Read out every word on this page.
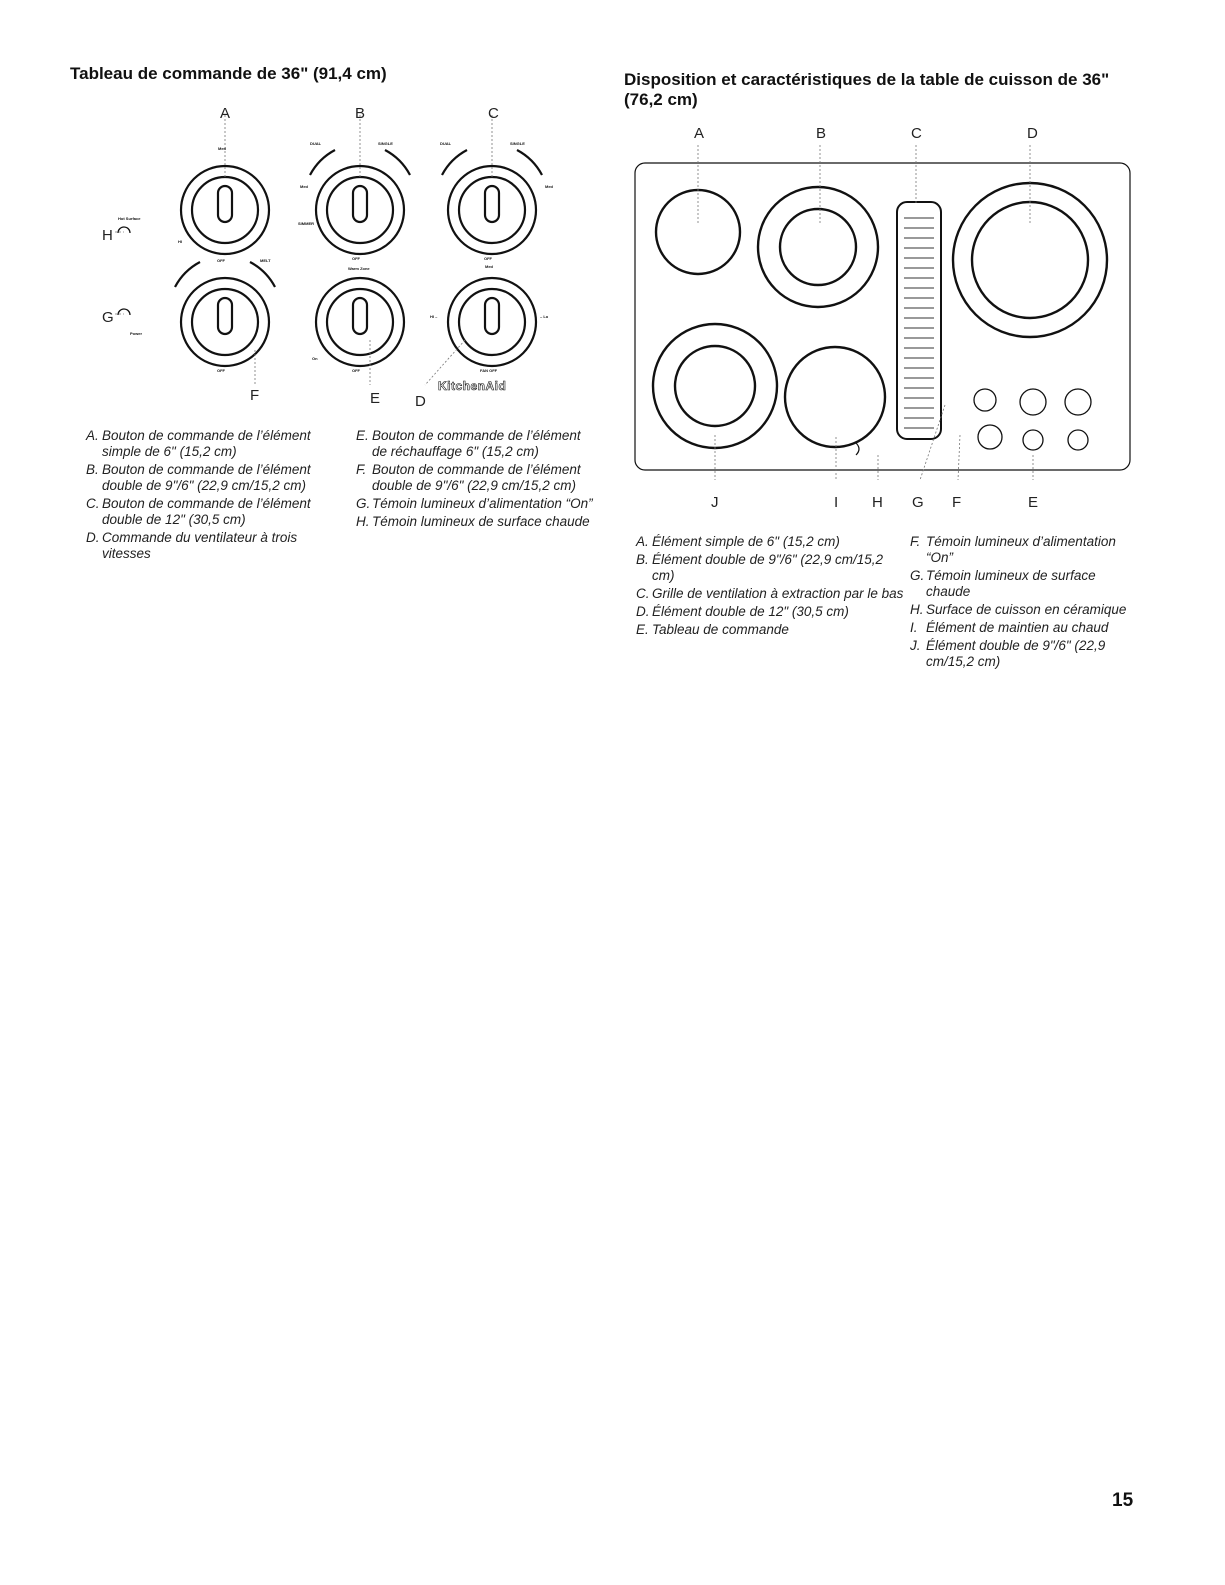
Tableau de commande de 36" (91,4 cm)	Disposition et caractéristiques de la table de cuisson de 36" (76,2 cm)
A	B	C
H
G
F	E D
KitchenAid
Med
HI
OFF	MELT
Hot Surface
DUAL	SINGLE
Med
SIMMER
OFF
DUAL	SINGLE
Med
OFF
Power
OFF
Warm Zone
On
OFF
Med
HI –	– Lo
FAN OFF
A	B	C	D
J	I H G F	E
A. Bouton de commande de l’élément simple de 6" (15,2 cm)
B. Bouton de commande de l’élément double de 9"/6" (22,9 cm/15,2 cm)
C. Bouton de commande de l’élément double de 12" (30,5 cm)
D. Commande du ventilateur à trois vitesses
E. Bouton de commande de l’élément de réchauffage 6" (15,2 cm)
F. Bouton de commande de l’élément double de 9"/6" (22,9 cm/15,2 cm)
G. Témoin lumineux d’alimentation “On”
H. Témoin lumineux de surface chaude
A. Élément simple de 6" (15,2 cm)
B. Élément double de 9"/6" (22,9 cm/15,2 cm)
C. Grille de ventilation à extraction par le bas
D. Élément double de 12" (30,5 cm)
E. Tableau de commande
F. Témoin lumineux d’alimentation “On”
G. Témoin lumineux de surface chaude
H. Surface de cuisson en céramique
I. Élément de maintien au chaud
J. Élément double de 9"/6" (22,9 cm/15,2 cm)
15
